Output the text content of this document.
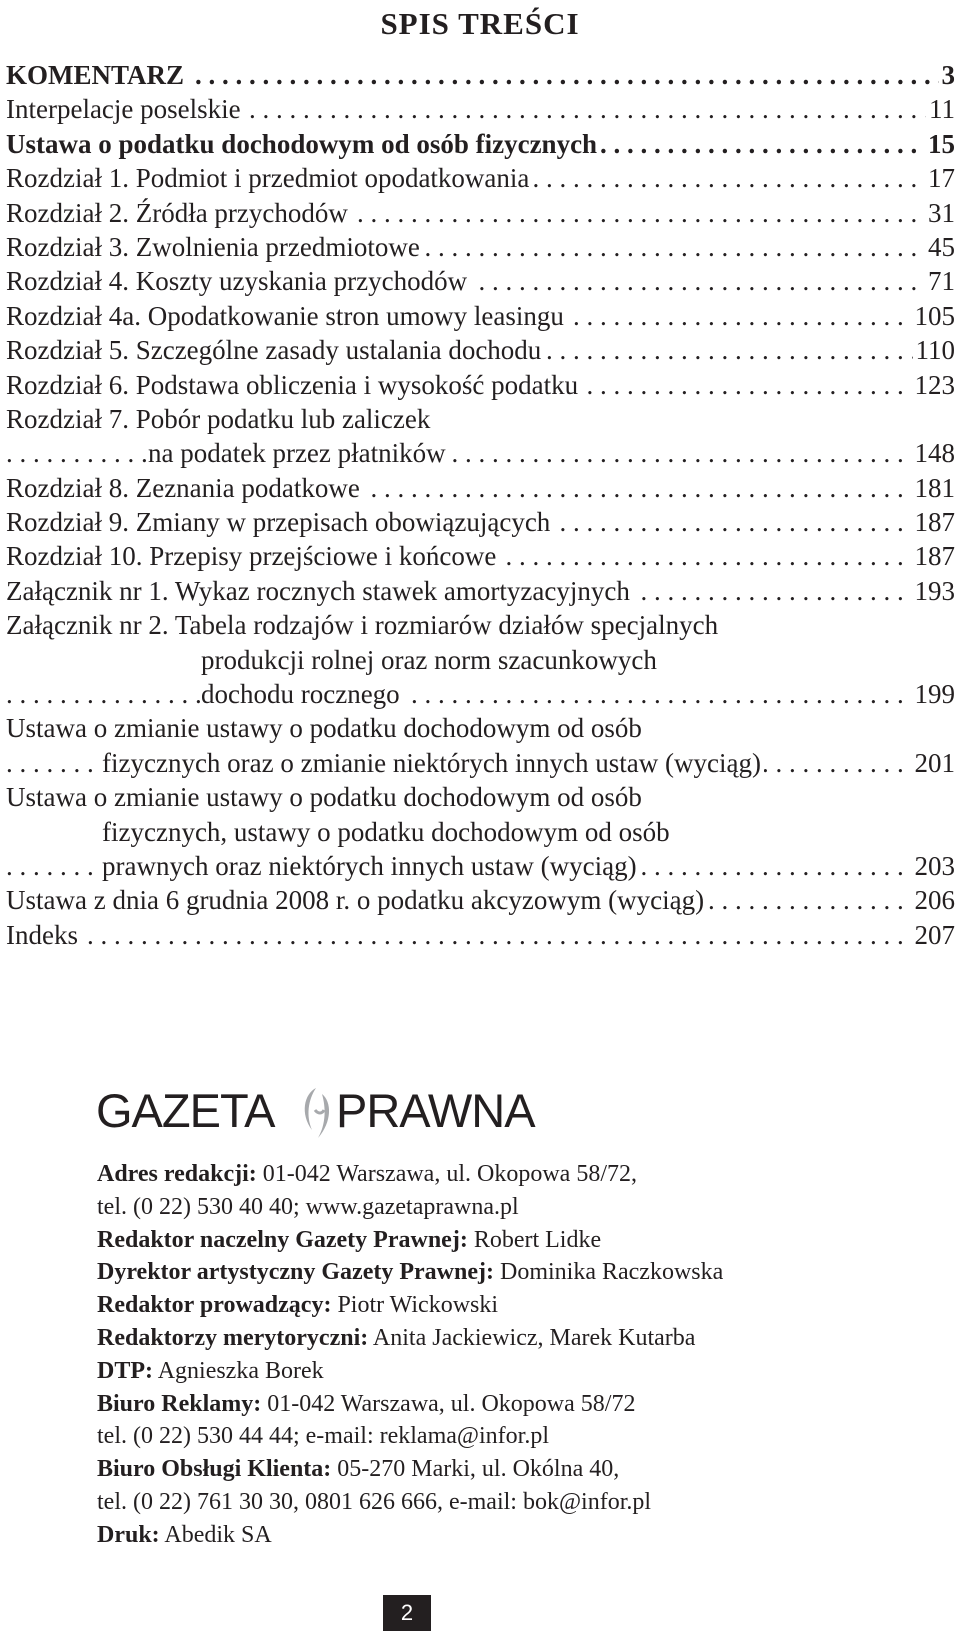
SPIS TREŚCI
KOMENTARZ	3
. . .
Interpelacje poselskie	11
. . .
Ustawa o podatku dochodowym od osób fizycznych	15
. . .
Rozdział 1. Podmiot i przedmiot opodatkowania	17
. . .
Rozdział 2. Źródła przychodów	31
. . .
Rozdział 3. Zwolnienia przedmiotowe	45
. . .
Rozdział 4. Koszty uzyskania przychodów	71
. . .
Rozdział 4a. Opodatkowanie stron umowy leasingu	105
. . .
Rozdział 5. Szczególne zasady ustalania dochodu	110
. . .
Rozdział 6. Podstawa obliczenia i wysokość podatku	123
. . .
Rozdział 7. Pobór podatku lub zaliczek
na podatek przez płatników	148
. . .
Rozdział 8. Zeznania podatkowe	181
. . .
Rozdział 9. Zmiany w przepisach obowiązujących	187
. . .
Rozdział 10. Przepisy przejściowe i końcowe	187
. . .
Załącznik nr 1. Wykaz rocznych stawek amortyzacyjnych	193
. . .
Załącznik nr 2. Tabela rodzajów i rozmiarów działów specjalnych
produkcji rolnej oraz norm szacunkowych
dochodu rocznego	199
. . .
Ustawa o zmianie ustawy o podatku dochodowym od osób
fizycznych oraz o zmianie niektórych innych ustaw (wyciąg)	201
. . .
Ustawa o zmianie ustawy o podatku dochodowym od osób
fizycznych, ustawy o podatku dochodowym od osób
prawnych oraz niektórych innych ustaw (wyciąg)	203
. . .
Ustawa z dnia 6 grudnia 2008 r. o podatku akcyzowym (wyciąg)	206
. . .
Indeks	207
. . .
GAZETA PRAWNA
Adres redakcji: 01-042 Warszawa, ul. Okopowa 58/72,
tel. (0 22) 530 40 40; www.gazetaprawna.pl
Redaktor naczelny Gazety Prawnej: Robert Lidke
Dyrektor artystyczny Gazety Prawnej: Dominika Raczkowska
Redaktor prowadzący: Piotr Wickowski
Redaktorzy merytoryczni: Anita Jackiewicz, Marek Kutarba
DTP: Agnieszka Borek
Biuro Reklamy: 01-042 Warszawa, ul. Okopowa 58/72
tel. (0 22) 530 44 44; e-mail: reklama@infor.pl
Biuro Obsługi Klienta: 05-270 Marki, ul. Okólna 40,
tel. (0 22) 761 30 30, 0801 626 666, e-mail: bok@infor.pl
Druk: Abedik SA
2
